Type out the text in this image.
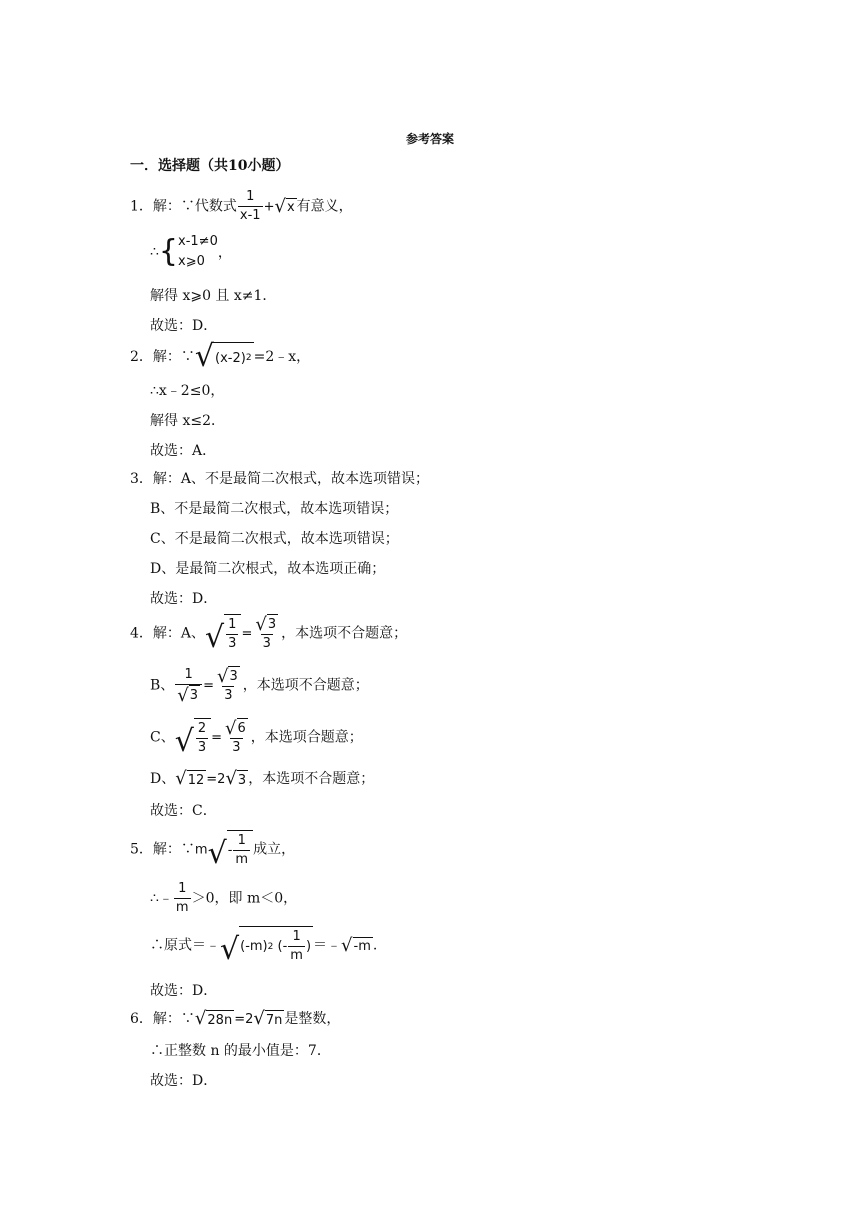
参考答案
一．选择题（共10小题）
1．解：∵代数式 $\frac{1}{x-1}$ + √ x 有意义，
∴{ x-1≠0
x⩾0
，
解得 x⩾0 且 x≠1．
故选：D．
2．解：∵ √ (x-2) 2 =2﹣x，
∴x﹣2≤0，
解得 x≤2．
故选：A．
3．解：A、不是最简二次根式，故本选项错误；
B、不是最简二次根式，故本选项错误；
C、不是最简二次根式，故本选项错误；
D、是最简二次根式，故本选项正确；
故选：D．
4．解：A、 √ 1
3
= $\frac{√ 3}{3}$ ，本选项不合题意；
B、 $\frac{1}{√ 3} = \frac{√ 3}{3}$ ，本选项不合题意；
C、 √ 2
3
= $\frac{√ 6}{3}$ ，本选项合题意；
D、 √ 12 =2 √ 3 ，本选项不合题意；
故选：C．
5．解：∵m √ -
1
m
成立，
∴﹣ $\frac{1}{m} >0$，即 m＜0，
∴原式＝﹣ √ (-m) 2
(-
1
m
) ＝﹣ √ -m .
故选：D．
6．解：∵ √ 28n =2 √ 7n 是整数，
∴正整数 n 的最小值是：7．
故选：D．
